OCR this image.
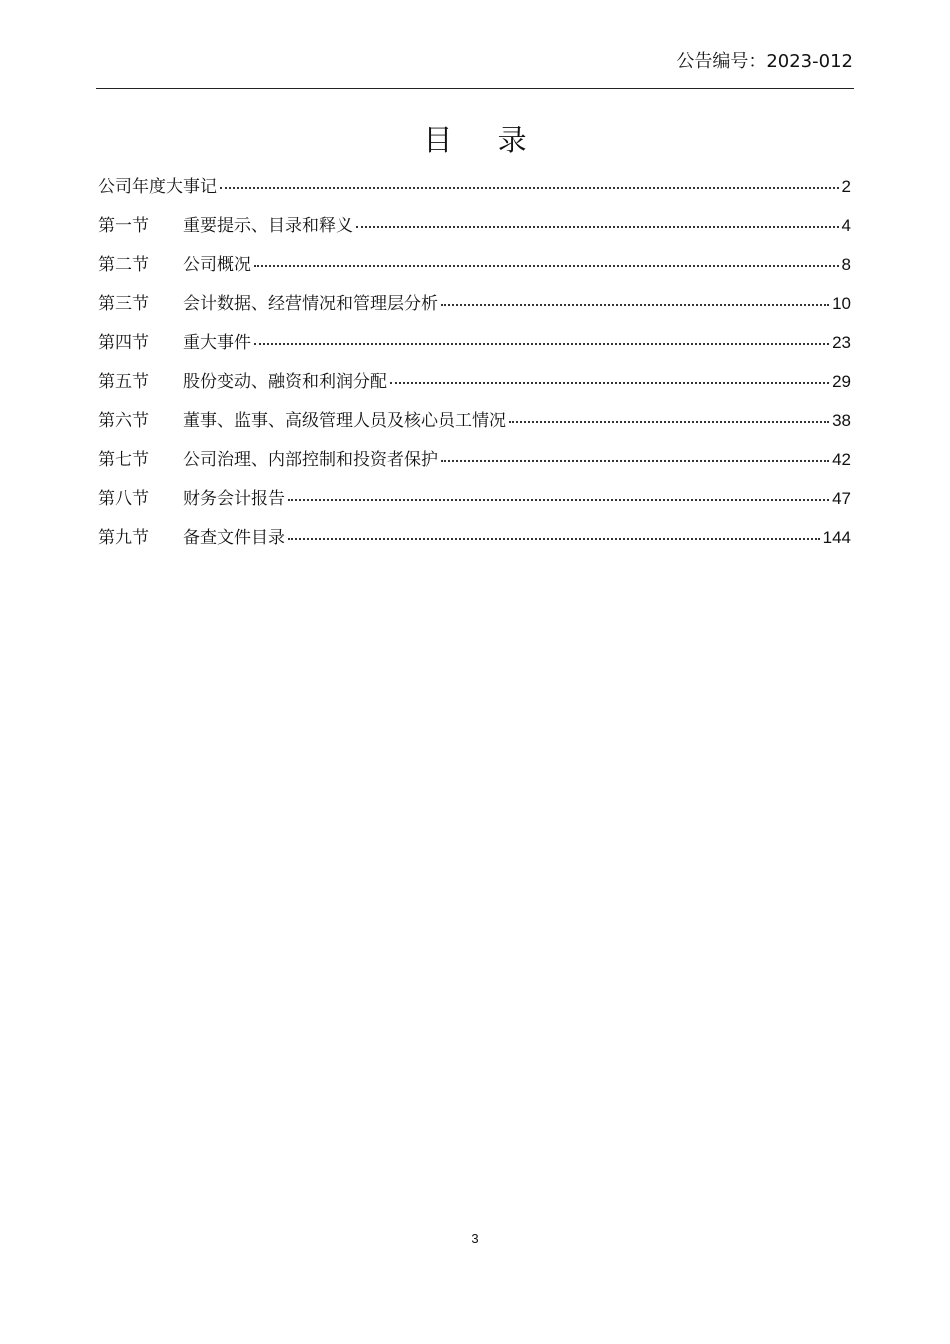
公告编号：2023-012
目 录
公司年度大事记	2
第一节	重要提示、目录和释义	4
第二节	公司概况	8
第三节	会计数据、经营情况和管理层分析	10
第四节	重大事件	23
第五节	股份变动、融资和利润分配	29
第六节	董事、监事、高级管理人员及核心员工情况	38
第七节	公司治理、内部控制和投资者保护	42
第八节	财务会计报告	47
第九节	备查文件目录	144
3
